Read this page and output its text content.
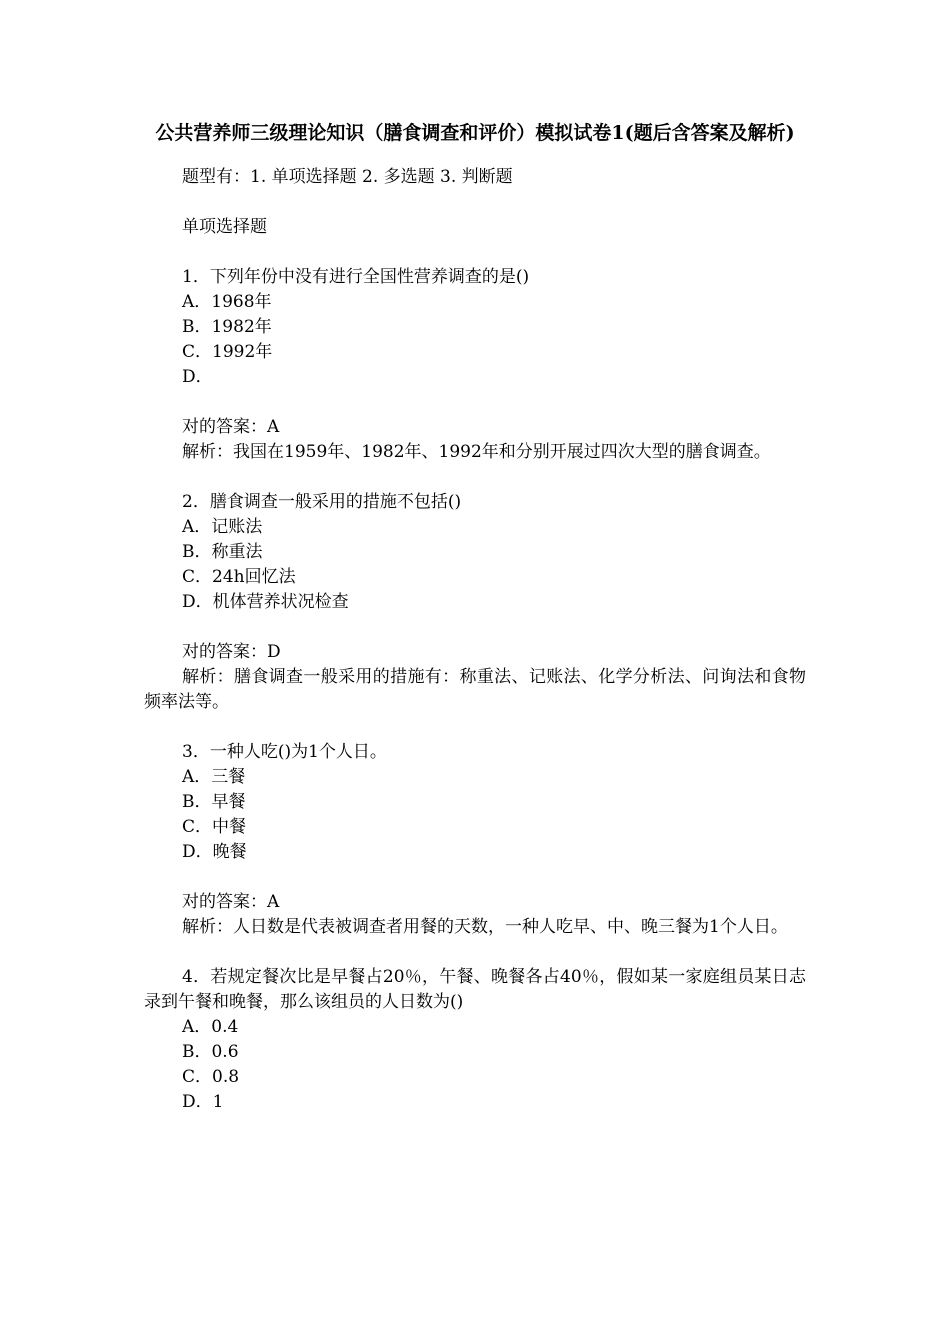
公共营养师三级理论知识（膳食调查和评价）模拟试卷1(题后含答案及解析)
题型有：1. 单项选择题 2. 多选题 3. 判断题
单项选择题
1．下列年份中没有进行全国性营养调查的是()
A．1968年
B．1982年
C．1992年
D．
对的答案：A
解析：我国在1959年、1982年、1992年和分别开展过四次大型的膳食调查。
2．膳食调查一般采用的措施不包括()
A．记账法
B．称重法
C．24h回忆法
D．机体营养状况检查
对的答案：D
解析：膳食调查一般采用的措施有：称重法、记账法、化学分析法、问询法和食物频率法等。
3．一种人吃()为1个人日。
A．三餐
B．早餐
C．中餐
D．晚餐
对的答案：A
解析：人日数是代表被调查者用餐的天数，一种人吃早、中、晚三餐为1个人日。
4．若规定餐次比是早餐占20％，午餐、晚餐各占40％，假如某一家庭组员某日志录到午餐和晚餐，那么该组员的人日数为()
A．0.4
B．0.6
C．0.8
D．1
